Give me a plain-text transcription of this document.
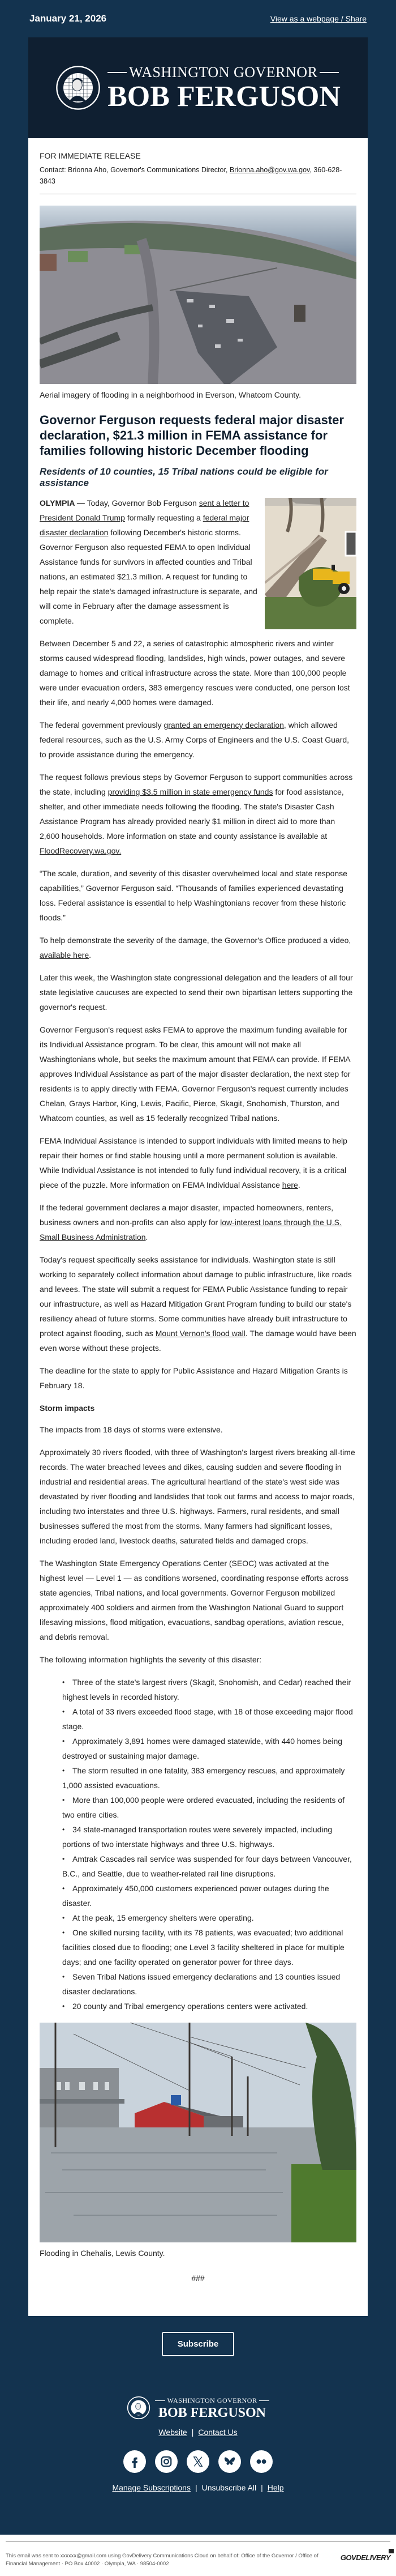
January 21, 2026	View as a webpage / Share
WASHINGTON GOVERNOR
BOB FERGUSON

FOR IMMEDIATE RELEASE

Contact: Brionna Aho, Governor's Communications Director, Brionna.aho@gov.wa.gov, 360-628-3843

Aerial imagery of flooding in a neighborhood in Everson, Whatcom County.

Governor Ferguson requests federal major disaster declaration, $21.3 million in FEMA assistance for families following historic December flooding
Residents of 10 counties, 15 Tribal nations could be eligible for assistance

OLYMPIA — Today, Governor Bob Ferguson sent a letter to President Donald Trump formally requesting a federal major disaster declaration following December's historic storms. Governor Ferguson also requested FEMA to open Individual Assistance funds for survivors in affected counties and Tribal nations, an estimated $21.3 million. A request for funding to help repair the state's damaged infrastructure is separate, and will come in February after the damage assessment is complete.

Between December 5 and 22, a series of catastrophic atmospheric rivers and winter storms caused widespread flooding, landslides, high winds, power outages, and severe damage to homes and critical infrastructure across the state. More than 100,000 people were under evacuation orders, 383 emergency rescues were conducted, one person lost their life, and nearly 4,000 homes were damaged.

The federal government previously granted an emergency declaration, which allowed federal resources, such as the U.S. Army Corps of Engineers and the U.S. Coast Guard, to provide assistance during the emergency.

The request follows previous steps by Governor Ferguson to support communities across the state, including providing $3.5 million in state emergency funds for food assistance, shelter, and other immediate needs following the flooding. The state's Disaster Cash Assistance Program has already provided nearly $1 million in direct aid to more than 2,600 households. More information on state and county assistance is available at FloodRecovery.wa.gov.

“The scale, duration, and severity of this disaster overwhelmed local and state response capabilities,” Governor Ferguson said. “Thousands of families experienced devastating loss. Federal assistance is essential to help Washingtonians recover from these historic floods.”

To help demonstrate the severity of the damage, the Governor's Office produced a video, available here.

Later this week, the Washington state congressional delegation and the leaders of all four state legislative caucuses are expected to send their own bipartisan letters supporting the governor's request.

Governor Ferguson's request asks FEMA to approve the maximum funding available for its Individual Assistance program. To be clear, this amount will not make all Washingtonians whole, but seeks the maximum amount that FEMA can provide. If FEMA approves Individual Assistance as part of the major disaster declaration, the next step for residents is to apply directly with FEMA. Governor Ferguson's request currently includes Chelan, Grays Harbor, King, Lewis, Pacific, Pierce, Skagit, Snohomish, Thurston, and Whatcom counties, as well as 15 federally recognized Tribal nations.

FEMA Individual Assistance is intended to support individuals with limited means to help repair their homes or find stable housing until a more permanent solution is available. While Individual Assistance is not intended to fully fund individual recovery, it is a critical piece of the puzzle. More information on FEMA Individual Assistance here.

If the federal government declares a major disaster, impacted homeowners, renters, business owners and non-profits can also apply for low-interest loans through the U.S. Small Business Administration.

Today's request specifically seeks assistance for individuals. Washington state is still working to separately collect information about damage to public infrastructure, like roads and levees. The state will submit a request for FEMA Public Assistance funding to repair our infrastructure, as well as Hazard Mitigation Grant Program funding to build our state's resiliency ahead of future storms. Some communities have already built infrastructure to protect against flooding, such as Mount Vernon's flood wall. The damage would have been even worse without these projects.

The deadline for the state to apply for Public Assistance and Hazard Mitigation Grants is February 18.

Storm impacts

The impacts from 18 days of storms were extensive.

Approximately 30 rivers flooded, with three of Washington's largest rivers breaking all-time records. The water breached levees and dikes, causing sudden and severe flooding in industrial and residential areas. The agricultural heartland of the state's west side was devastated by river flooding and landslides that took out farms and access to major roads, including two interstates and three U.S. highways. Farmers, rural residents, and small businesses suffered the most from the storms. Many farmers had significant losses, including eroded land, livestock deaths, saturated fields and damaged crops.

The Washington State Emergency Operations Center (SEOC) was activated at the highest level — Level 1 — as conditions worsened, coordinating response efforts across state agencies, Tribal nations, and local governments. Governor Ferguson mobilized approximately 400 soldiers and airmen from the Washington National Guard to support lifesaving missions, flood mitigation, evacuations, sandbag operations, aviation rescue, and debris removal.

The following information highlights the severity of this disaster:

• Three of the state's largest rivers (Skagit, Snohomish, and Cedar) reached their highest levels in recorded history.
• A total of 33 rivers exceeded flood stage, with 18 of those exceeding major flood stage.
• Approximately 3,891 homes were damaged statewide, with 440 homes being destroyed or sustaining major damage.
• The storm resulted in one fatality, 383 emergency rescues, and approximately 1,000 assisted evacuations.
• More than 100,000 people were ordered evacuated, including the residents of two entire cities.
• 34 state-managed transportation routes were severely impacted, including portions of two interstate highways and three U.S. highways.
• Amtrak Cascades rail service was suspended for four days between Vancouver, B.C., and Seattle, due to weather-related rail line disruptions.
• Approximately 450,000 customers experienced power outages during the disaster.
• At the peak, 15 emergency shelters were operating.
• One skilled nursing facility, with its 78 patients, was evacuated; two additional facilities closed due to flooding; one Level 3 facility sheltered in place for multiple days; and one facility operated on generator power for three days.
• Seven Tribal Nations issued emergency declarations and 13 counties issued disaster declarations.
• 20 county and Tribal emergency operations centers were activated.

Flooding in Chehalis, Lewis County.

###
Subscribe
WASHINGTON GOVERNOR
BOB FERGUSON
Website | Contact Us
Manage Subscriptions | Unsubscribe All | Help
This email was sent to xxxxxx@gmail.com using GovDelivery Communications Cloud on behalf of: Office of the Governor / Office of Financial Management · PO Box 40002 · Olympia, WA · 98504-0002
GOVDELIVERY
